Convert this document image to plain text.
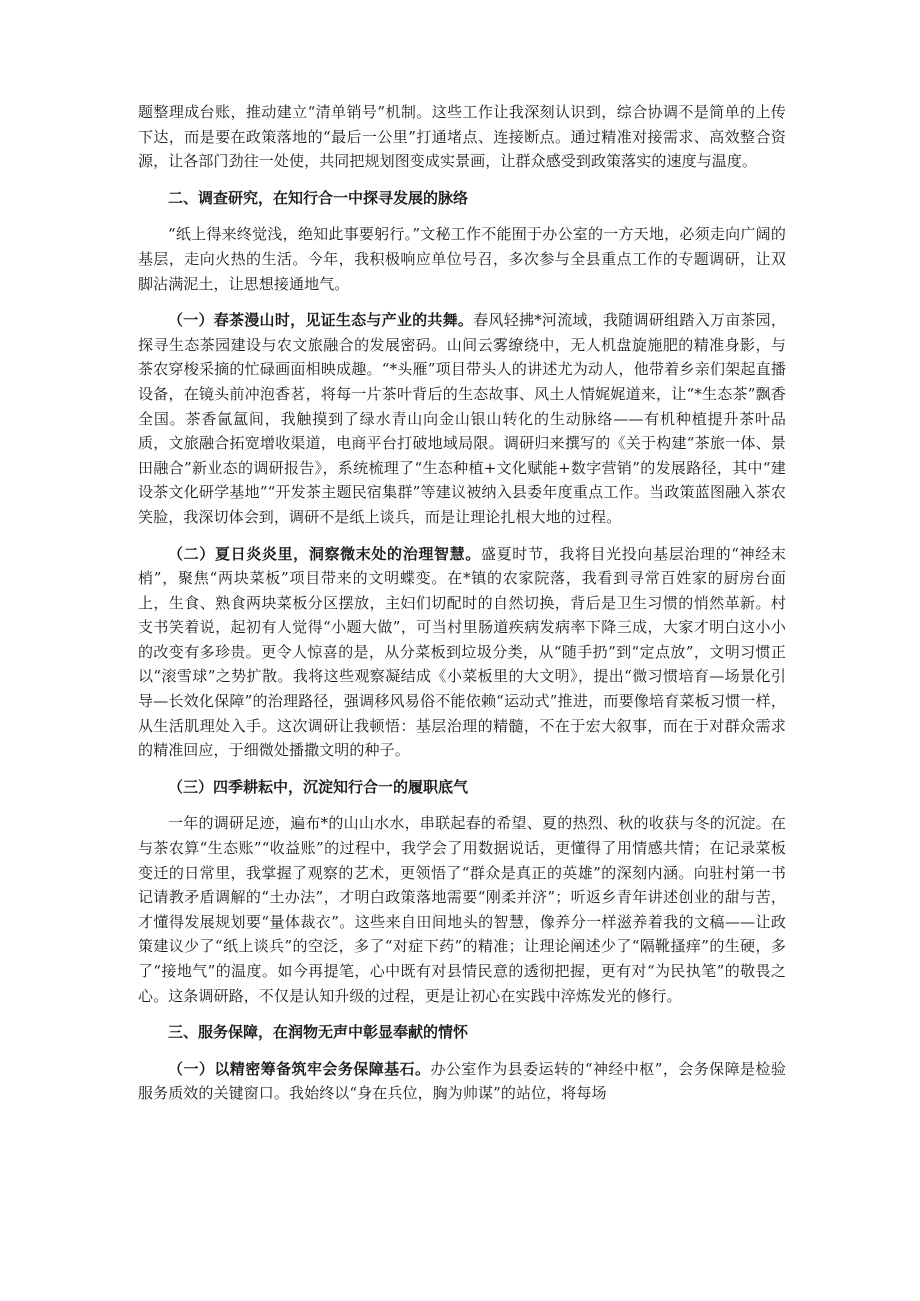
题整理成台账，推动建立“清单销号”机制。这些工作让我深刻认识到，综合协调不是简单的上传下达，而是要在政策落地的“最后一公里”打通堵点、连接断点。通过精准对接需求、高效整合资源，让各部门劲往一处使，共同把规划图变成实景画，让群众感受到政策落实的速度与温度。

二、调查研究，在知行合一中探寻发展的脉络

“纸上得来终觉浅，绝知此事要躬行。”文秘工作不能囿于办公室的一方天地，必须走向广阔的基层，走向火热的生活。今年，我积极响应单位号召，多次参与全县重点工作的专题调研，让双脚沾满泥土，让思想接通地气。

（一）春茶漫山时，见证生态与产业的共舞。春风轻拂*河流域，我随调研组踏入万亩茶园，探寻生态茶园建设与农文旅融合的发展密码。山间云雾缭绕中，无人机盘旋施肥的精准身影，与茶农穿梭采摘的忙碌画面相映成趣。“*头雁”项目带头人的讲述尤为动人，他带着乡亲们架起直播设备，在镜头前冲泡香茗，将每一片茶叶背后的生态故事、风土人情娓娓道来，让“*生态茶”飘香全国。茶香氤氲间，我触摸到了绿水青山向金山银山转化的生动脉络——有机种植提升茶叶品质，文旅融合拓宽增收渠道，电商平台打破地域局限。调研归来撰写的《关于构建“茶旅一体、景田融合”新业态的调研报告》，系统梳理了“生态种植+文化赋能+数字营销”的发展路径，其中“建设茶文化研学基地”“开发茶主题民宿集群”等建议被纳入县委年度重点工作。当政策蓝图融入茶农笑脸，我深切体会到，调研不是纸上谈兵，而是让理论扎根大地的过程。

（二）夏日炎炎里，洞察微末处的治理智慧。盛夏时节，我将目光投向基层治理的“神经末梢”，聚焦“两块菜板”项目带来的文明蝶变。在*镇的农家院落，我看到寻常百姓家的厨房台面上，生食、熟食两块菜板分区摆放，主妇们切配时的自然切换，背后是卫生习惯的悄然革新。村支书笑着说，起初有人觉得“小题大做”，可当村里肠道疾病发病率下降三成，大家才明白这小小的改变有多珍贵。更令人惊喜的是，从分菜板到垃圾分类，从“随手扔”到“定点放”，文明习惯正以“滚雪球”之势扩散。我将这些观察凝结成《小菜板里的大文明》，提出“微习惯培育—场景化引导—长效化保障”的治理路径，强调移风易俗不能依赖“运动式”推进，而要像培育菜板习惯一样，从生活肌理处入手。这次调研让我顿悟：基层治理的精髓，不在于宏大叙事，而在于对群众需求的精准回应，于细微处播撒文明的种子。

（三）四季耕耘中，沉淀知行合一的履职底气

一年的调研足迹，遍布*的山山水水，串联起春的希望、夏的热烈、秋的收获与冬的沉淀。在与茶农算“生态账”“收益账”的过程中，我学会了用数据说话，更懂得了用情感共情；在记录菜板变迁的日常里，我掌握了观察的艺术，更领悟了“群众是真正的英雄”的深刻内涵。向驻村第一书记请教矛盾调解的“土办法”，才明白政策落地需要“刚柔并济”；听返乡青年讲述创业的甜与苦，才懂得发展规划要“量体裁衣”。这些来自田间地头的智慧，像养分一样滋养着我的文稿——让政策建议少了“纸上谈兵”的空泛，多了“对症下药”的精准；让理论阐述少了“隔靴搔痒”的生硬，多了“接地气”的温度。如今再提笔，心中既有对县情民意的透彻把握，更有对“为民执笔”的敬畏之心。这条调研路，不仅是认知升级的过程，更是让初心在实践中淬炼发光的修行。

三、服务保障，在润物无声中彰显奉献的情怀

（一）以精密筹备筑牢会务保障基石。办公室作为县委运转的“神经中枢”，会务保障是检验服务质效的关键窗口。我始终以“身在兵位，胸为帅谋”的站位，将每场
